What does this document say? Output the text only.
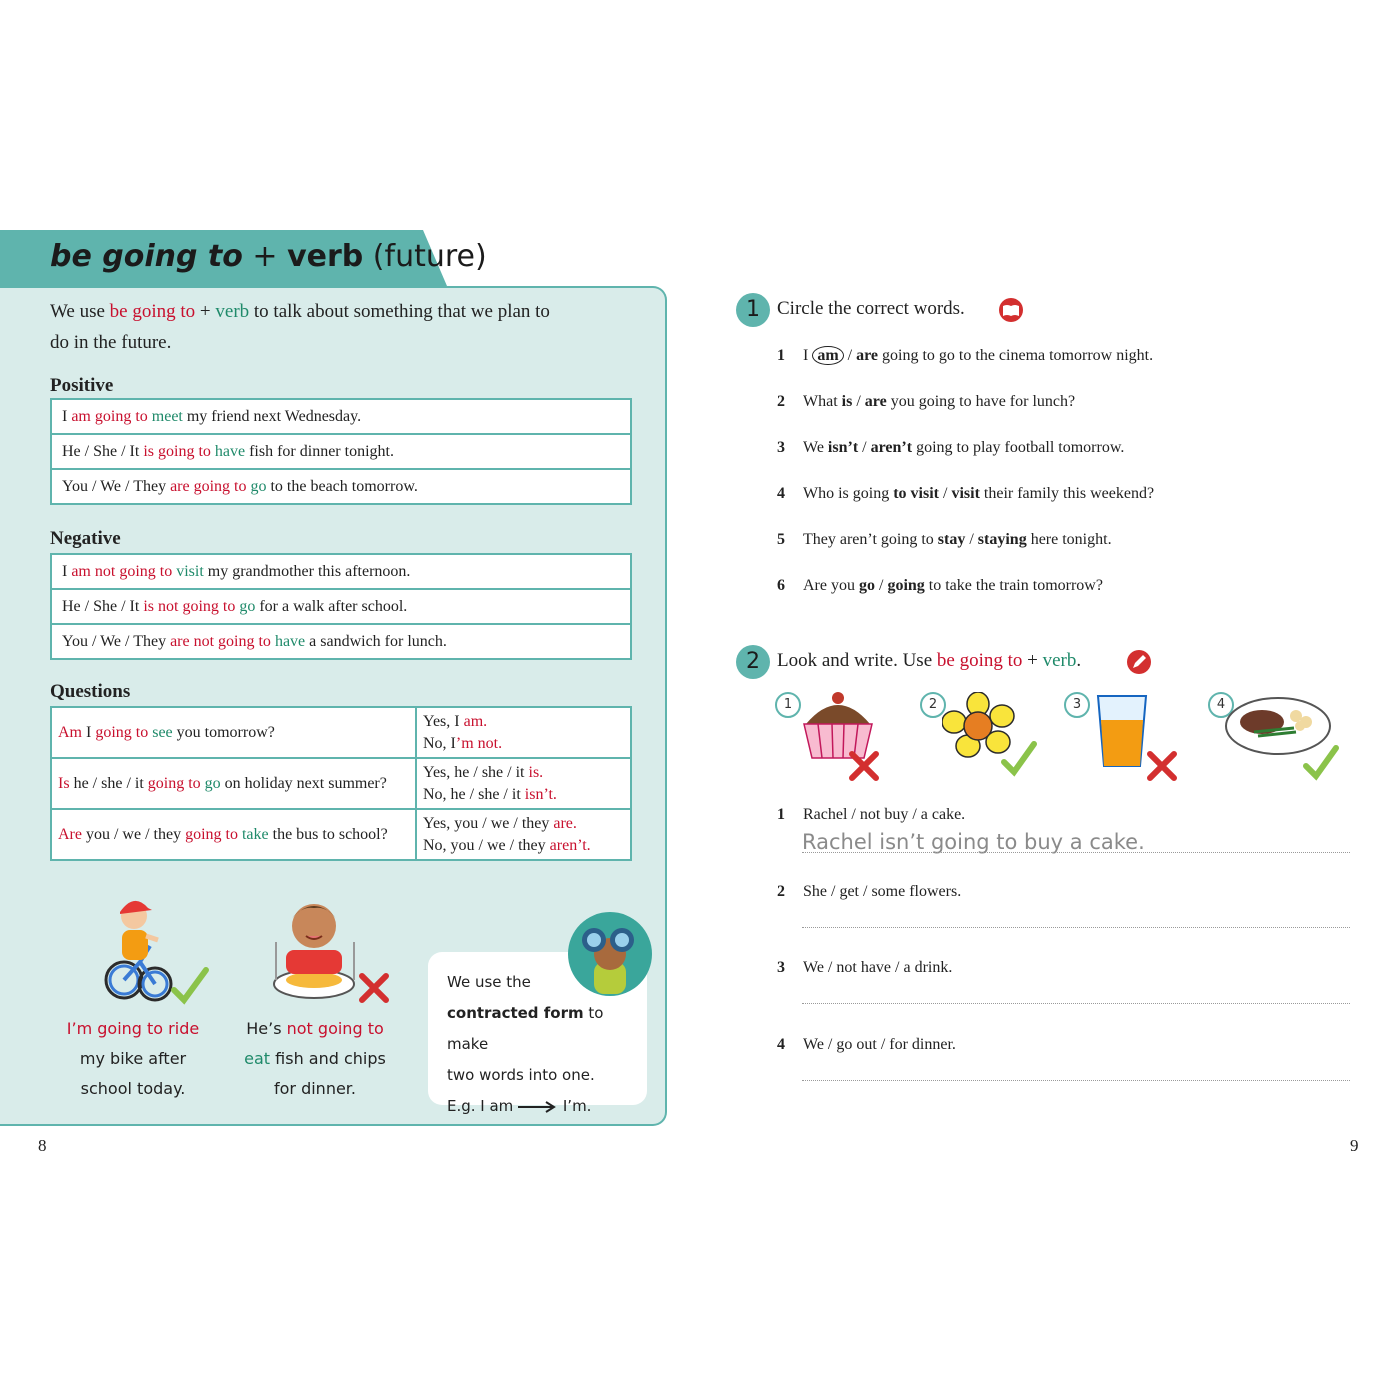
be going to + verb (future)
We use be going to + verb to talk about something that we plan to do in the future.
Positive
I am going to meet my friend next Wednesday.
He / She / It is going to have fish for dinner tonight.
You / We / They are going to go to the beach tomorrow.
Negative
I am not going to visit my grandmother this afternoon.
He / She / It is not going to go for a walk after school.
You / We / They are not going to have a sandwich for lunch.
Questions
Am I going to see you tomorrow?	Yes, I am.
No, I’m not.
Is he / she / it going to go on holiday next summer?	Yes, he / she / it is.
No, he / she / it isn’t.
Are you / we / they going to take the bus to school?	Yes, you / we / they are.
No, you / we / they aren’t.
I’m going to ride
my bike after
school today.
He’s not going to
eat fish and chips
for dinner.
We use the
contracted form to make
two words into one.
E.g. I am	I’m.
8
1 Circle the correct words.
1 I am / are going to go to the cinema tomorrow night.
2 What is / are you going to have for lunch?
3 We isn’t / aren’t going to play football tomorrow.
4 Who is going to visit / visit their family this weekend?
5 They aren’t going to stay / staying here tonight.
6 Are you go / going to take the train tomorrow?
2 Look and write. Use be going to + verb.
1	2	3	4
1 Rachel / not buy / a cake.
Rachel isn’t going to buy a cake.
2 She / get / some flowers.
3 We / not have / a drink.
4 We / go out / for dinner.
9
